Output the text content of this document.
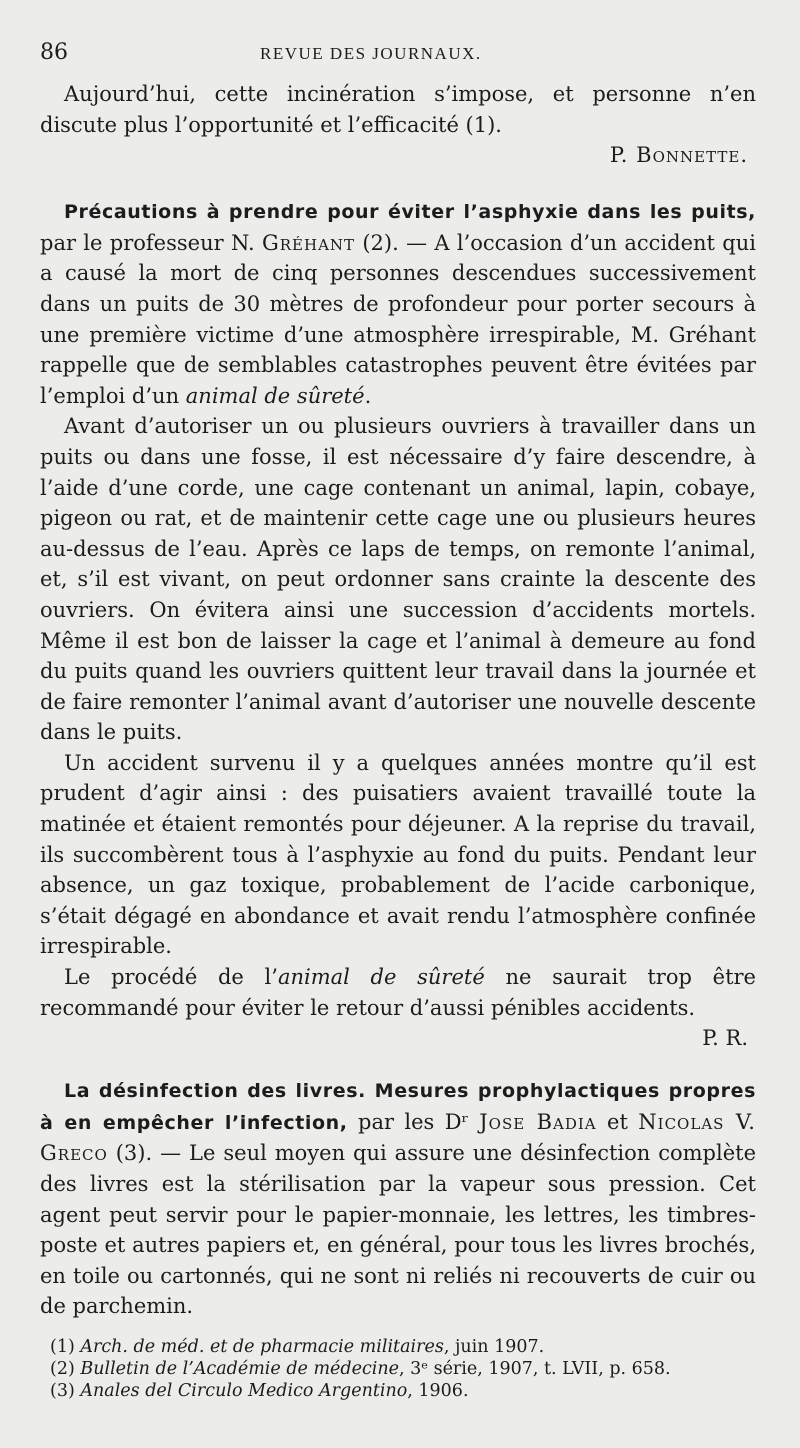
86	REVUE DES JOURNAUX.

Aujourd’hui, cette incinération s’impose, et personne n’en discute plus l’opportunité et l’efficacité (1).

P. Bonnette.

Précautions à prendre pour éviter l’asphyxie dans les puits, par le professeur N. Gréhant (2). — A l’occasion d’un accident qui a causé la mort de cinq personnes descendues successivement dans un puits de 30 mètres de profondeur pour porter secours à une première victime d’une atmosphère irrespirable, M. Gréhant rappelle que de semblables catastrophes peuvent être évitées par l’emploi d’un animal de sûreté.

Avant d’autoriser un ou plusieurs ouvriers à travailler dans un puits ou dans une fosse, il est nécessaire d’y faire descendre, à l’aide d’une corde, une cage contenant un animal, lapin, cobaye, pigeon ou rat, et de maintenir cette cage une ou plusieurs heures au-dessus de l’eau. Après ce laps de temps, on remonte l’animal, et, s’il est vivant, on peut ordonner sans crainte la descente des ouvriers. On évitera ainsi une succession d’accidents mortels. Même il est bon de laisser la cage et l’animal à demeure au fond du puits quand les ouvriers quittent leur travail dans la journée et de faire remonter l’animal avant d’autoriser une nouvelle descente dans le puits.

Un accident survenu il y a quelques années montre qu’il est prudent d’agir ainsi : des puisatiers avaient travaillé toute la matinée et étaient remontés pour déjeuner. A la reprise du travail, ils succombèrent tous à l’asphyxie au fond du puits. Pendant leur absence, un gaz toxique, probablement de l’acide carbonique, s’était dégagé en abondance et avait rendu l’atmosphère confinée irrespirable.

Le procédé de l’animal de sûreté ne saurait trop être recommandé pour éviter le retour d’aussi pénibles accidents.

P. R.

La désinfection des livres. Mesures prophylactiques propres à en empêcher l’infection, par les Dʳ Jose Badia et Nicolas V. Greco (3). — Le seul moyen qui assure une désinfection complète des livres est la stérilisation par la vapeur sous pression. Cet agent peut servir pour le papier-monnaie, les lettres, les timbres-poste et autres papiers et, en général, pour tous les livres brochés, en toile ou cartonnés, qui ne sont ni reliés ni recouverts de cuir ou de parchemin.

(1) Arch. de méd. et de pharmacie militaires, juin 1907.

(2) Bulletin de l’Académie de médecine, 3ᵉ série, 1907, t. LVII, p. 658.

(3) Anales del Circulo Medico Argentino, 1906.
